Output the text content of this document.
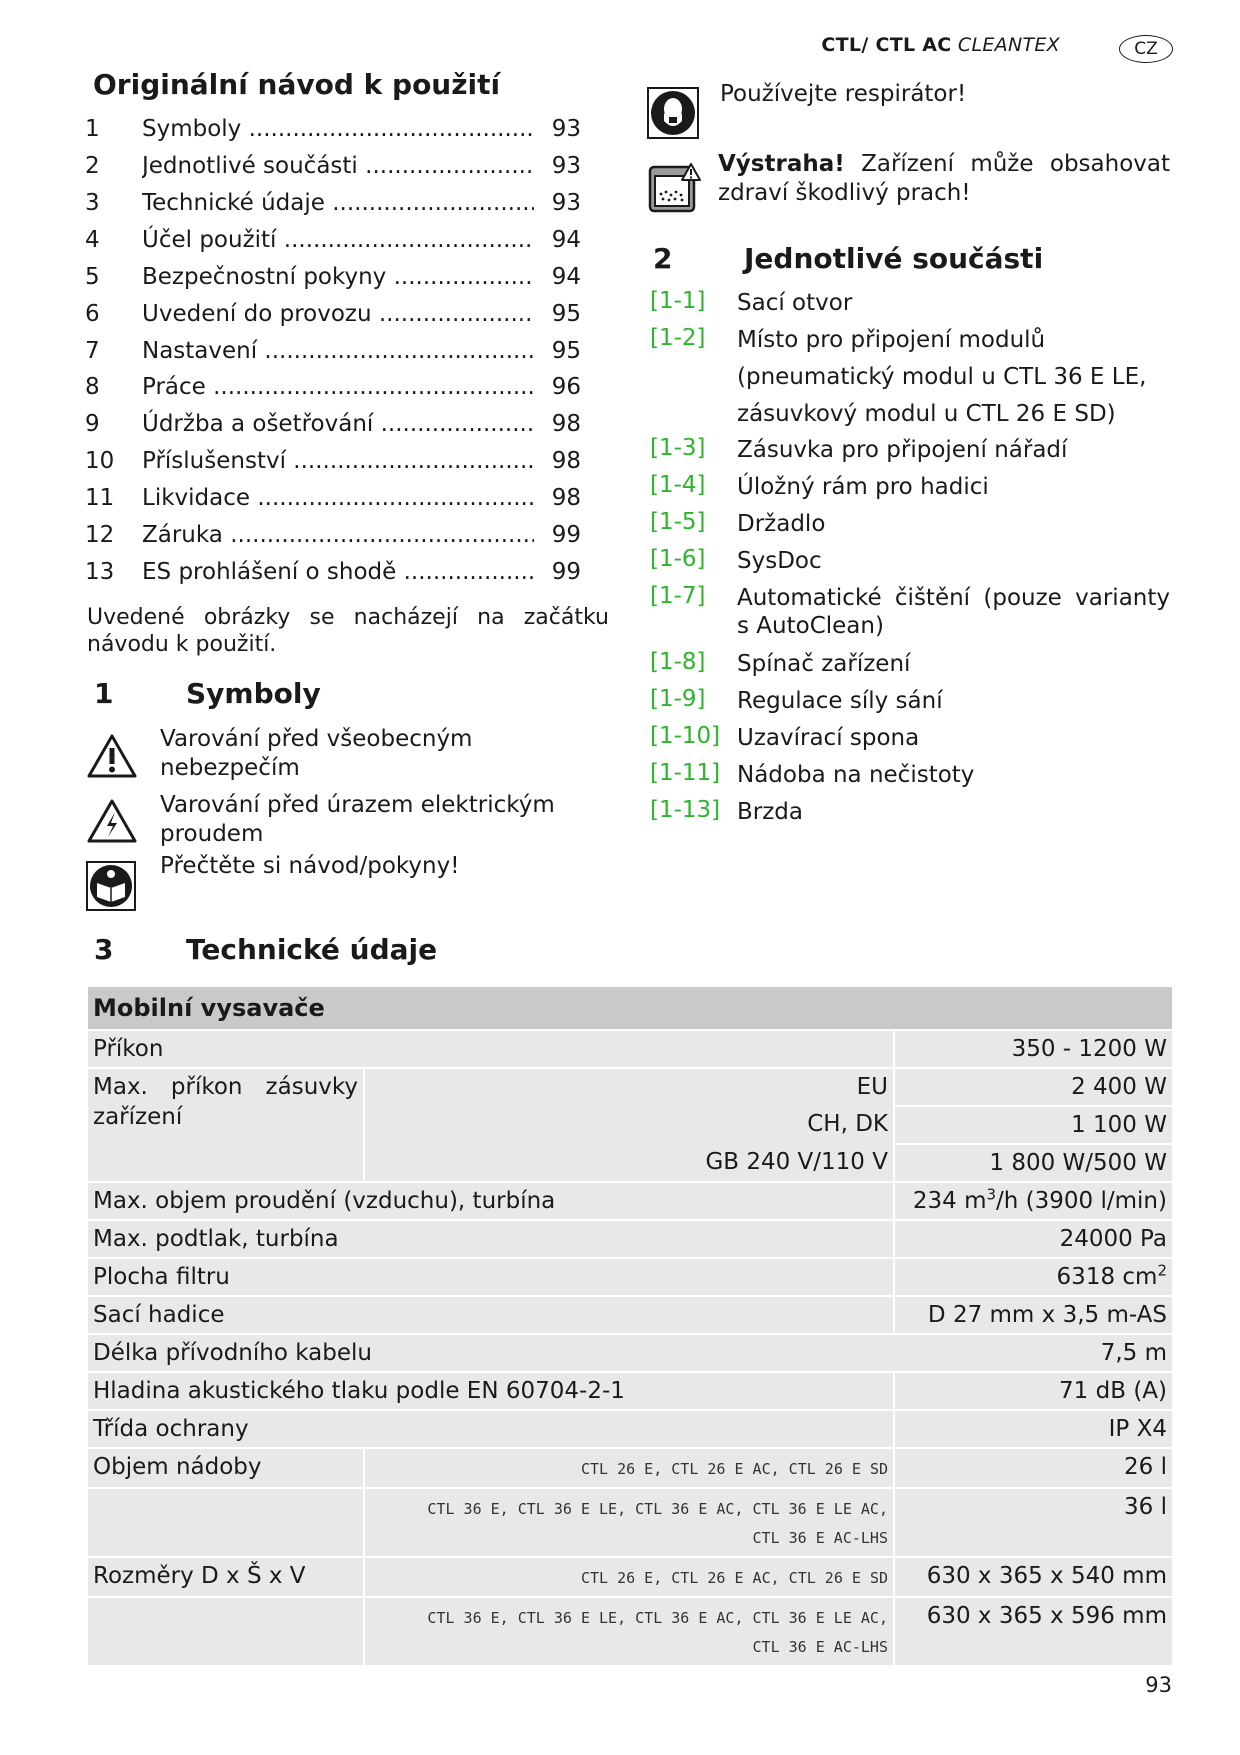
CTL/ CTL AC CLEANTEX	CZ
Originální návod k použití
1 Symboly .....	93
2 Jednotlivé součásti .....	93
3 Technické údaje .....	93
4 Účel použití .....	94
5 Bezpečnostní pokyny .....	94
6 Uvedení do provozu .....	95
7 Nastavení .....	95
8 Práce .....	96
9 Údržba a ošetřování .....	98
10 Příslušenství .....	98
11 Likvidace .....	98
12 Záruka .....	99
13 ES prohlášení o shodě .....	99
Uvedené obrázky se nacházejí na začátku návodu k použití.
1	Symboly
Varování před všeobecným nebezpečím
Varování před úrazem elektrickým proudem
Přečtěte si návod/pokyny!
Používejte respirátor!
Výstraha! Zařízení může obsahovat zdraví škodlivý prach!
2	Jednotlivé součásti
[1-1] Sací otvor
[1-2] Místo pro připojení modulů (pneumatický modul u CTL 36 E LE, zásuvkový modul u CTL 26 E SD)
[1-3] Zásuvka pro připojení nářadí
[1-4] Úložný rám pro hadici
[1-5] Držadlo
[1-6] SysDoc
[1-7] Automatické čištění (pouze varianty s AutoClean)
[1-8] Spínač zařízení
[1-9] Regulace síly sání
[1-10] Uzavírací spona
[1-11] Nádoba na nečistoty
[1-13] Brzda
3	Technické údaje
Mobilní vysavače		
Příkon		350 - 1200 W
Max. příkon zásuvky zařízení	EU	2 400 W
	CH, DK	1 100 W
	GB 240 V/110 V	1 800 W/500 W
Max. objem proudění (vzduchu), turbína		234 $m^3/h$ (3900 l/min)
Max. podtlak, turbína		24000 Pa
Plocha filtru		6318 $cm^2$
Sací hadice		D 27 mm x 3,5 m-AS
Délka přívodního kabelu		7,5 m
Hladina akustického tlaku podle EN 60704-2-1		71 dB (A)
Třída ochrany		IP X4
Objem nádoby	CTL 26 E, CTL 26 E AC, CTL 26 E SD	26 l

	CTL 36 E, CTL 36 E LE, CTL 36 E AC, CTL 36 E LE AC,
CTL 36 E AC-LHS	36 l
Rozměry D x Š x V	CTL 26 E, CTL 26 E AC, CTL 26 E SD	630 x 365 x 540 mm

	CTL 36 E, CTL 36 E LE, CTL 36 E AC, CTL 36 E LE AC,
CTL 36 E AC-LHS	630 x 365 x 596 mm
93
